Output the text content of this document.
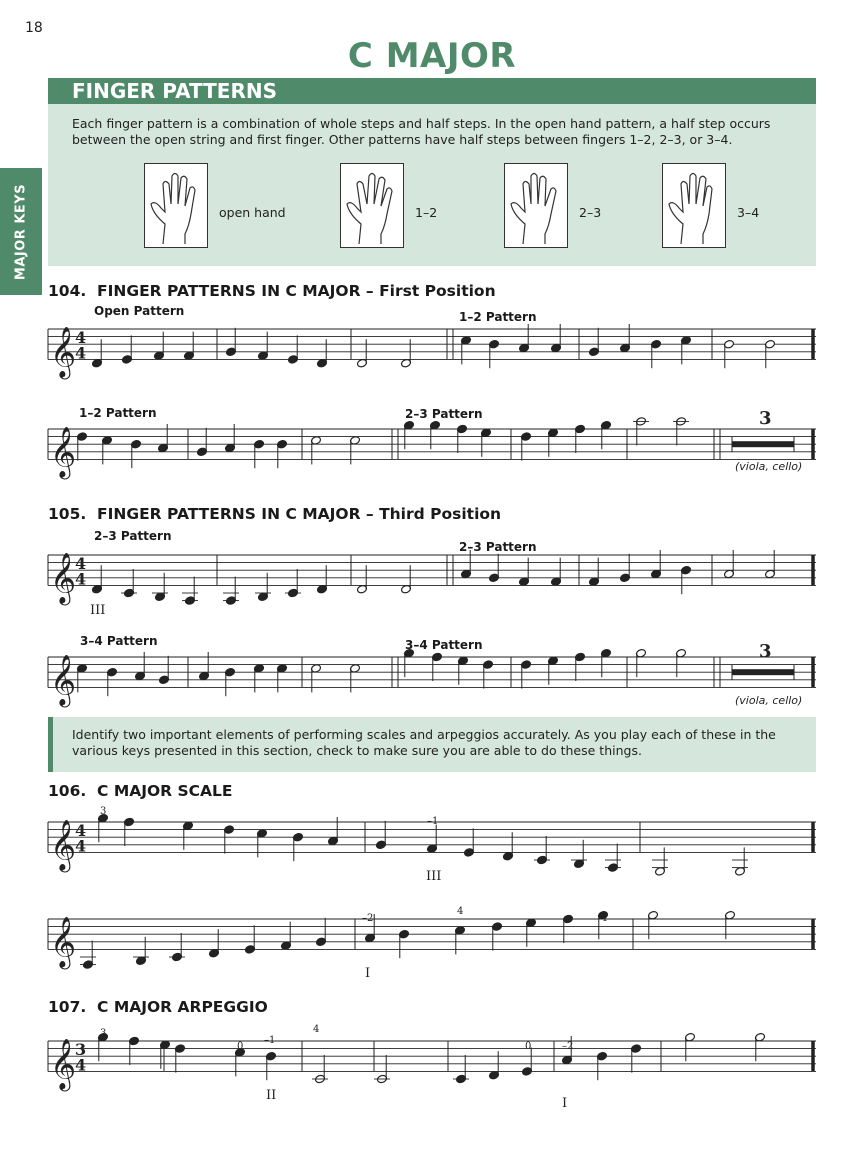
18
C MAJOR
MAJOR KEYS
FINGER PATTERNS
Each finger pattern is a combination of whole steps and half steps. In the open hand pattern, a half step occurs between the open string and first finger. Other patterns have half steps between fingers 1–2, 2–3, or 3–4.
open hand	1–2	2–3	3–4
104. FINGER PATTERNS IN C MAJOR – First Position
Open Pattern	1–2 Pattern
1–2 Pattern	2–3 Pattern	3
(viola, cello)
𝄞
4
4
𝄞
𝄞
4
4
𝄞
𝄞
4
4
𝄞
𝄞
3
4
105. FINGER PATTERNS IN C MAJOR – Third Position
2–3 Pattern
2–3 Pattern
III
3–4 Pattern	3–4 Pattern	3
(viola, cello)
Identify two important elements of performing scales and arpeggios accurately. As you play each of these in the various keys presented in this section, check to make sure you are able to do these things.
106. C MAJOR SCALE
3
–1
III
–2
4
4
I
107. C MAJOR ARPEGGIO
3
0
–1
4
II
0	–2
I
